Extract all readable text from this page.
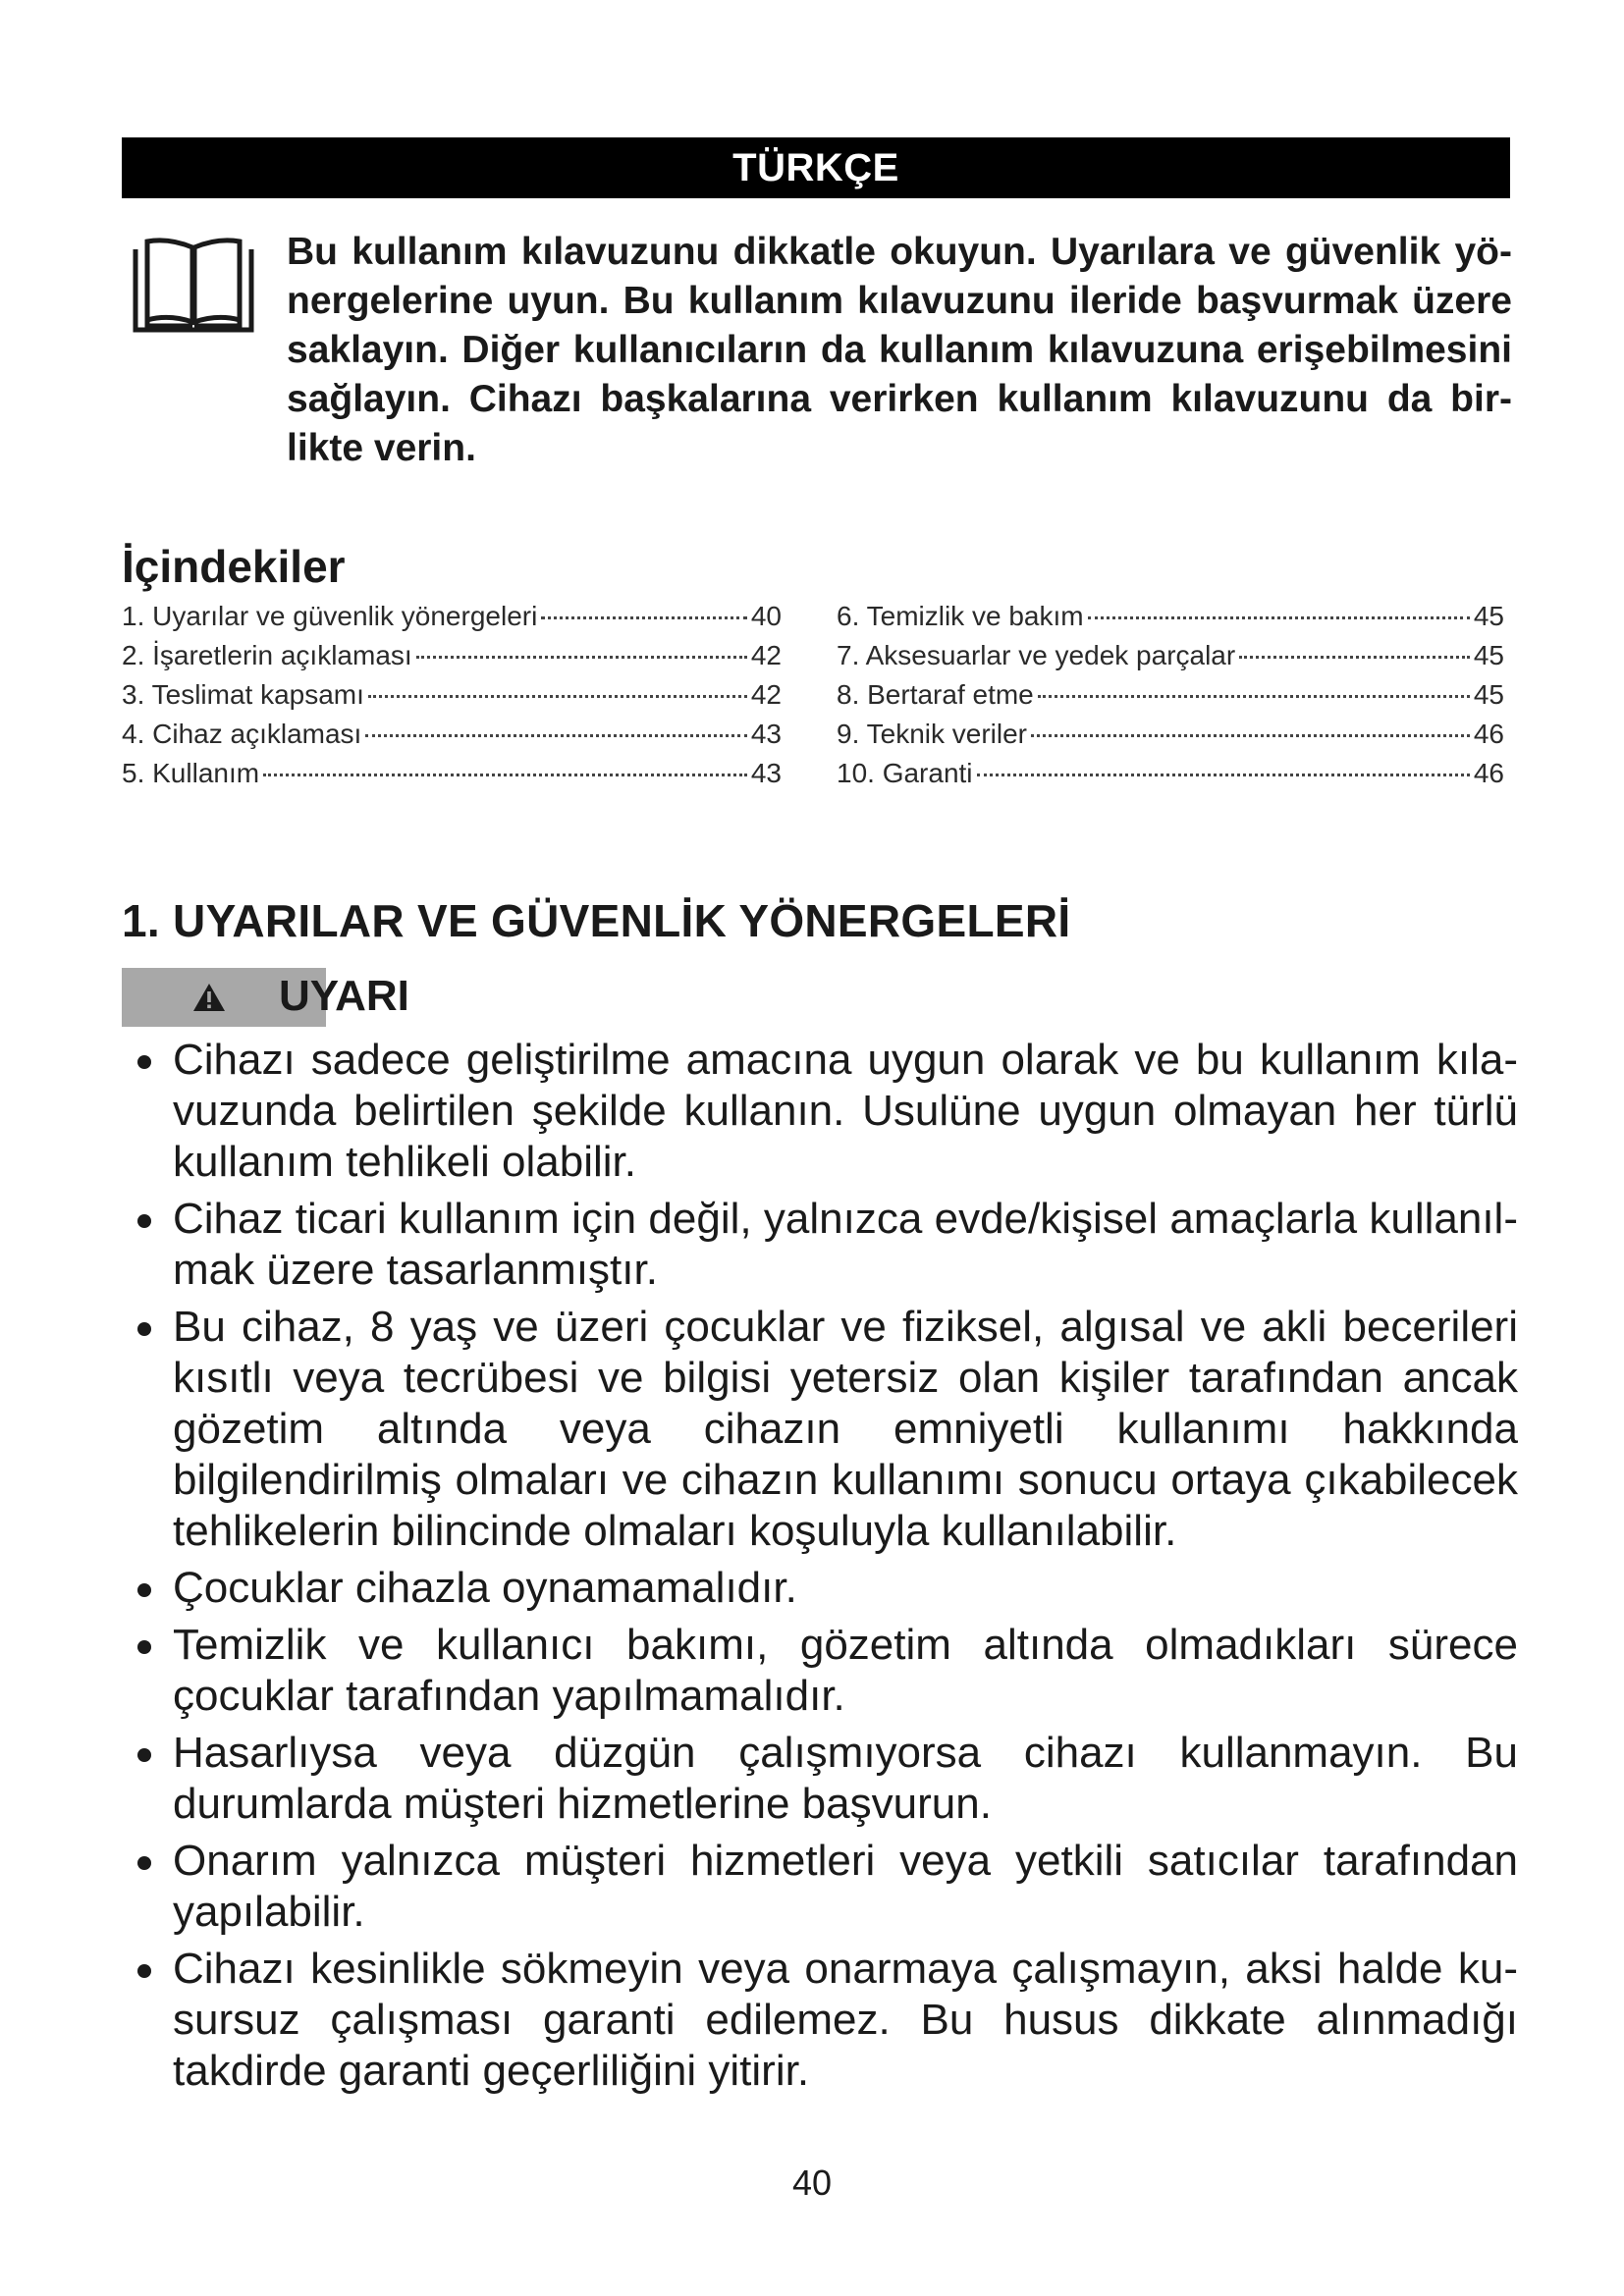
TÜRKÇE
Bu kullanım kılavuzunu dikkatle okuyun. Uyarılara ve güvenlik yönergelerine uyun. Bu kullanım kılavuzunu ileride başvurmak üzere saklayın. Diğer kullanıcıların da kullanım kılavuzuna erişebilmesini sağlayın. Cihazı başkalarına verirken kullanım kılavuzunu da birlikte verin.
İçindekiler
1. Uyarılar ve güvenlik yönergeleri	40
2. İşaretlerin açıklaması	42
3. Teslimat kapsamı	42
4. Cihaz açıklaması	43
5. Kullanım	43
6. Temizlik ve bakım	45
7. Aksesuarlar ve yedek parçalar	45
8. Bertaraf etme	45
9. Teknik veriler	46
10. Garanti	46
1. UYARILAR VE GÜVENLİK YÖNERGELERİ
UYARI
Cihazı sadece geliştirilme amacına uygun olarak ve bu kullanım kılavuzunda belirtilen şekilde kullanın. Usulüne uygun olmayan her türlü kullanım tehlikeli olabilir.
Cihaz ticari kullanım için değil, yalnızca evde/kişisel amaçlarla kullanılmak üzere tasarlanmıştır.
Bu cihaz, 8 yaş ve üzeri çocuklar ve fiziksel, algısal ve akli becerileri kısıtlı veya tecrübesi ve bilgisi yetersiz olan kişiler tarafından ancak gözetim altında veya cihazın emniyetli kullanımı hakkında bilgilendirilmiş olmaları ve cihazın kullanımı sonucu ortaya çıkabilecek tehlikelerin bilincinde olmaları koşuluyla kullanılabilir.
Çocuklar cihazla oynamamalıdır.
Temizlik ve kullanıcı bakımı, gözetim altında olmadıkları sürece çocuklar tarafından yapılmamalıdır.
Hasarlıysa veya düzgün çalışmıyorsa cihazı kullanmayın. Bu durumlarda müşteri hizmetlerine başvurun.
Onarım yalnızca müşteri hizmetleri veya yetkili satıcılar tarafından yapılabilir.
Cihazı kesinlikle sökmeyin veya onarmaya çalışmayın, aksi halde kusursuz çalışması garanti edilemez. Bu husus dikkate alınmadığı takdirde garanti geçerliliğini yitirir.
40
